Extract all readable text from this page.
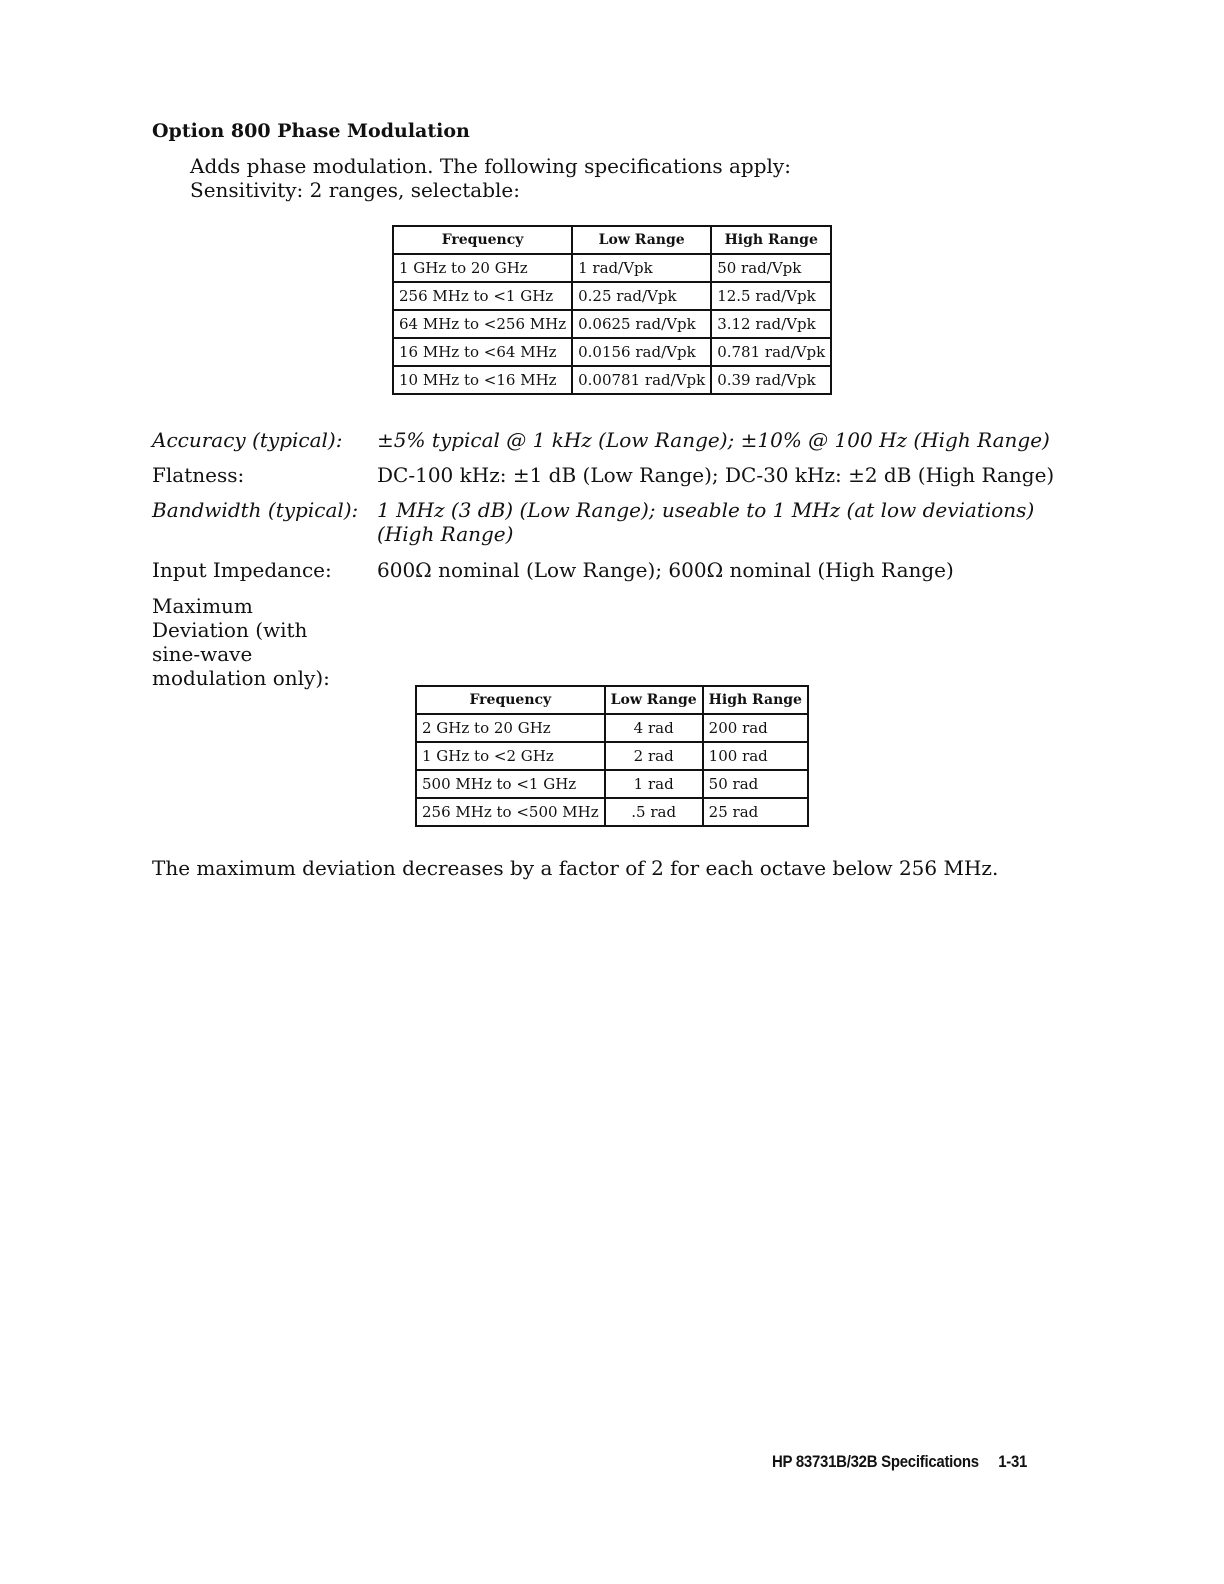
Option 800 Phase Modulation
Adds phase modulation. The following specifications apply:
Sensitivity: 2 ranges, selectable:
Frequency	Low Range	High Range
1 GHz to 20 GHz	1 rad/Vpk	50 rad/Vpk
256 MHz to <1 GHz	0.25 rad/Vpk	12.5 rad/Vpk
64 MHz to <256 MHz	0.0625 rad/Vpk	3.12 rad/Vpk
16 MHz to <64 MHz	0.0156 rad/Vpk	0.781 rad/Vpk
10 MHz to <16 MHz	0.00781 rad/Vpk	0.39 rad/Vpk
Accuracy (typical):	±5% typical @ 1 kHz (Low Range); ±10% @ 100 Hz (High Range)
Flatness:	DC-100 kHz: ±1 dB (Low Range); DC-30 kHz: ±2 dB (High Range)
Bandwidth (typical): 1 MHz (3 dB) (Low Range); useable to 1 MHz (at low deviations) (High Range)
Input Impedance:	600Ω nominal (Low Range); 600Ω nominal (High Range)
Maximum Deviation (with sine-wave modulation only):
Frequency	Low Range	High Range
2 GHz to 20 GHz	4 rad	200 rad
1 GHz to <2 GHz	2 rad	100 rad
500 MHz to <1 GHz	1 rad	50 rad
256 MHz to <500 MHz	.5 rad	25 rad
The maximum deviation decreases by a factor of 2 for each octave below 256 MHz.
HP 83731B/32B Specifications 1-31
